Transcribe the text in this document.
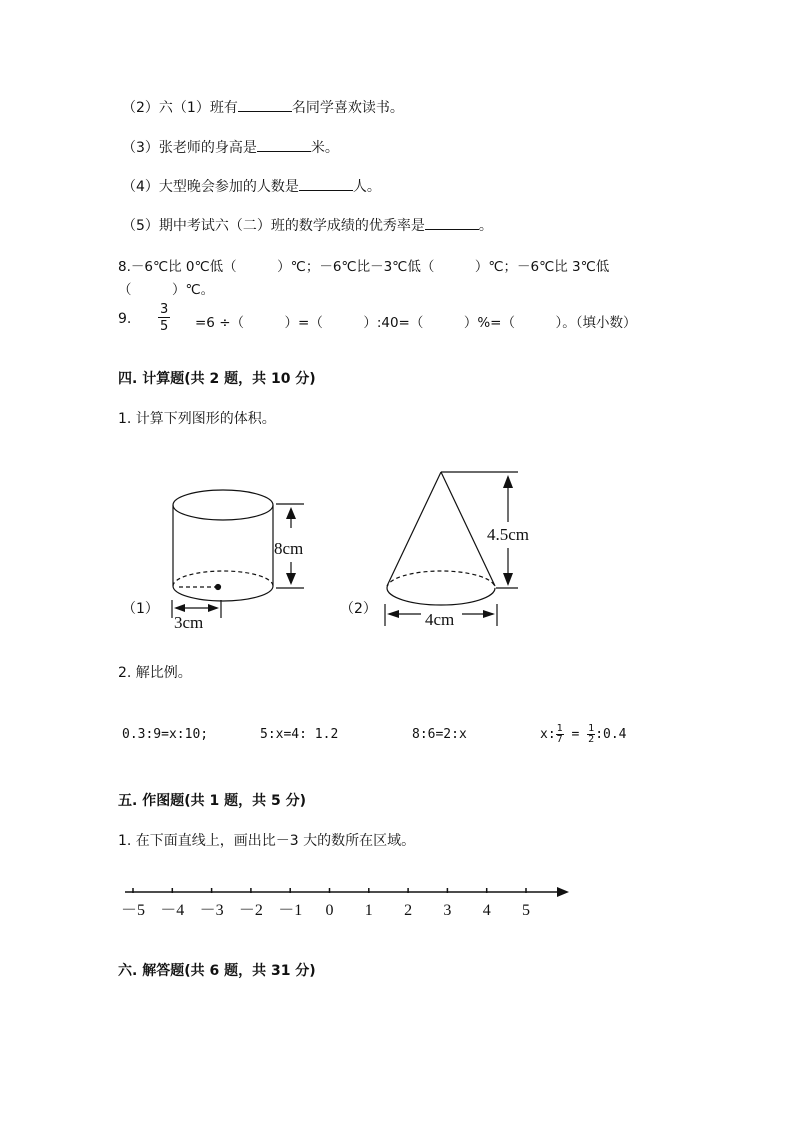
（2）六（1）班有	名同学喜欢读书。
（3）张老师的身高是	米。
（4）大型晚会参加的人数是	人。
（5）期中考试六（二）班的数学成绩的优秀率是	。
8.－6℃比 0℃低（　　　）℃；－6℃比－3℃低（　　　）℃；－6℃比 3℃低
（　　　）℃。
9. $\frac{3}{5} =6$ ÷（　　　）=（　　　）:40=（　　　）%=（　　　）。（填小数）
四. 计算题(共 2 题，共 10 分)
1. 计算下列图形的体积。
8cm
3cm
4.5cm
4cm
－5 －4 －3 －2 －1 0 1 2 3 4 5
（1）	（2）
2. 解比例。
0.3:9=x:10;	5:x=4: 1.2	8:6=2:x	x: $\frac{1}{7} = \frac{1}{2}$ :0.4
五. 作图题(共 1 题，共 5 分)
1. 在下面直线上，画出比－3 大的数所在区域。
六. 解答题(共 6 题，共 31 分)
